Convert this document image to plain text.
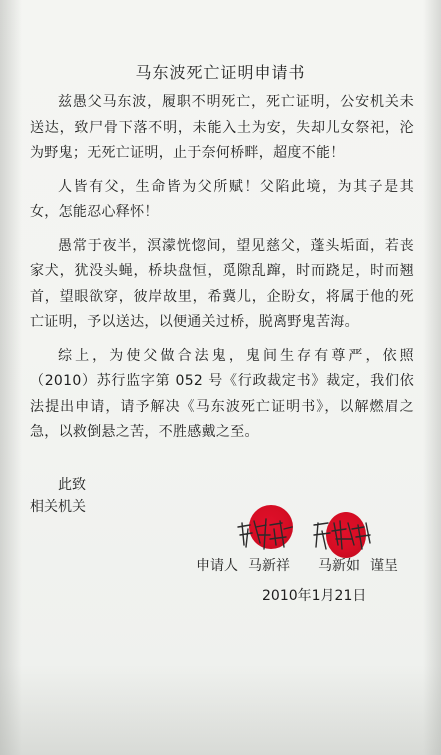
马东波死亡证明申请书

兹愚父马东波，履职不明死亡，死亡证明，公安机关未送达，致尸骨下落不明，未能入土为安，失却儿女祭祀，沦为野鬼；无死亡证明，止于奈何桥畔，超度不能！

人皆有父，生命皆为父所赋！父陷此境，为其子是其女，怎能忍心释怀！

愚常于夜半，溟濛恍惚间，望见慈父，蓬头垢面，若丧家犬，犹没头蝇，桥块盘恒，觅隙乱蹿，时而跷足，时而翘首，望眼欲穿，彼岸故里，希冀儿，企盼女，将属于他的死亡证明，予以送达，以便通关过桥，脱离野鬼苦海。

综上，为使父做合法鬼，鬼间生存有尊严，依照（2010）苏行监字第 052 号《行政裁定书》裁定，我们依法提出申请，请予解决《马东波死亡证明书》，以解燃眉之急，以救倒悬之苦，不胜感戴之至。

此致
相关机关
申请人 马新祥 马新如 谨呈
2010年1月21日
